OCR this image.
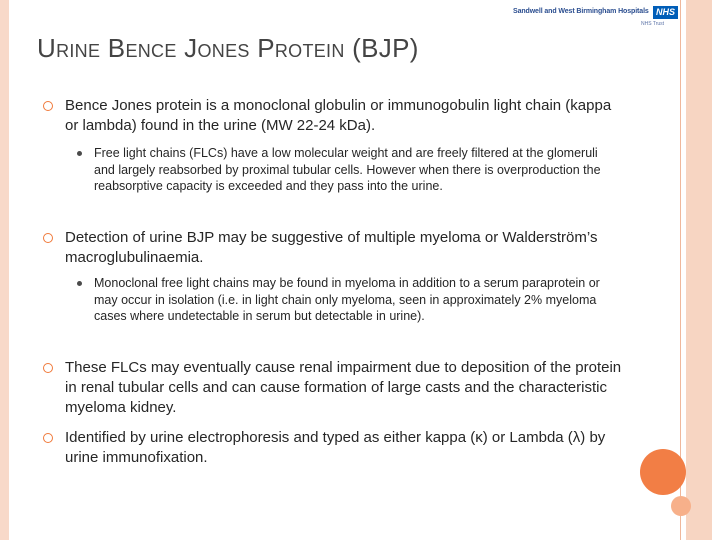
Sandwell and West Birmingham Hospitals NHS
NHS Trust
Urine Bence Jones Protein (BJP)
Bence Jones protein is a monoclonal globulin or immunogobulin light chain (kappa or lambda) found in the urine (MW 22-24 kDa).
Free light chains (FLCs) have a low molecular weight and are freely filtered at the glomeruli and largely reabsorbed by proximal tubular cells. However when there is overproduction the reabsorptive capacity is exceeded and they pass into the urine.
Detection of urine BJP may be suggestive of multiple myeloma or Walderström’s macroglubulinaemia.
Monoclonal free light chains may be found in myeloma in addition to a serum paraprotein or may occur in isolation (i.e. in light chain only myeloma, seen in approximately 2% myeloma cases where undetectable in serum but detectable in urine).
These FLCs may eventually cause renal impairment due to deposition of the protein in renal tubular cells and can cause formation of large casts and the characteristic myeloma kidney.
Identified by urine electrophoresis and typed as either kappa (κ) or Lambda (λ) by urine immunofixation.
